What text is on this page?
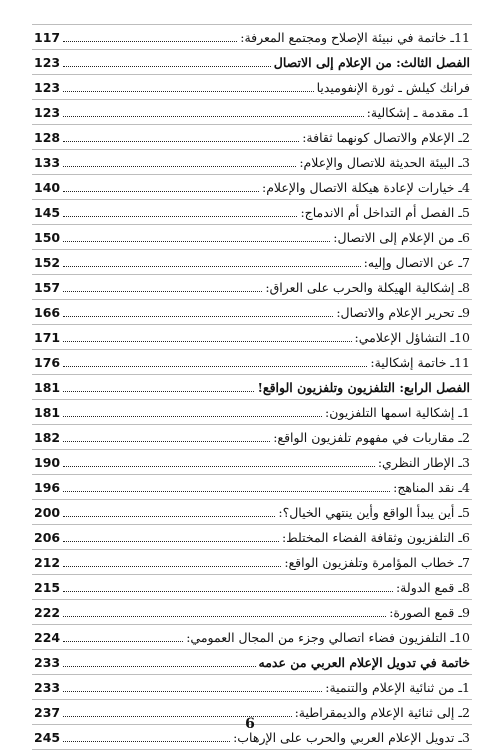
11ـ خاتمة في نبيئة الإصلاح ومجتمع المعرفة:
117
الفصل الثالث: من الإعلام إلى الاتصال
123
فرانك كيلش ـ ثورة الإنفوميديا
123
1ـ مقدمة ـ إشكالية:
123
2ـ الإعلام والاتصال كونهما ثقافة:
128
3ـ البيئة الحديثة للاتصال والإعلام:
133
4ـ خيارات لإعادة هيكلة الاتصال والإعلام:
140
5ـ الفصل أم التداخل أم الاندماج:
145
6ـ من الإعلام إلى الاتصال:
150
7ـ عن الاتصال وإليه:
152
8ـ إشكالية الهيكلة والحرب على العراق:
157
9ـ تحرير الإعلام والاتصال:
166
10ـ التشاؤل الإعلامي:
171
11ـ خاتمة إشكالية:
176
الفصل الرابع: التلفزيون وتلفزيون الواقع!
181
1ـ إشكالية اسمها التلفزيون:
181
2ـ مقاربات في مفهوم تلفزيون الواقع:
182
3ـ الإطار النظري:
190
4ـ نقد المناهج:
196
5ـ أين يبدأ الواقع وأين ينتهي الخيال؟:
200
6ـ التلفزيون وثقافة الفضاء المختلط:
206
7ـ خطاب المؤامرة وتلفزيون الواقع:
212
8ـ قمع الدولة:
215
9ـ قمع الصورة:
222
10ـ التلفزيون فضاء اتصالي وجزء من المجال العمومي:
224
خاتمة في تدويل الإعلام العربي من عدمه
233
1ـ من ثنائية الإعلام والتنمية:
233
2ـ إلى ثنائية الإعلام والديمقراطية:
237
3ـ تدويل الإعلام العربي والحرب على الإرهاب:
245
6
